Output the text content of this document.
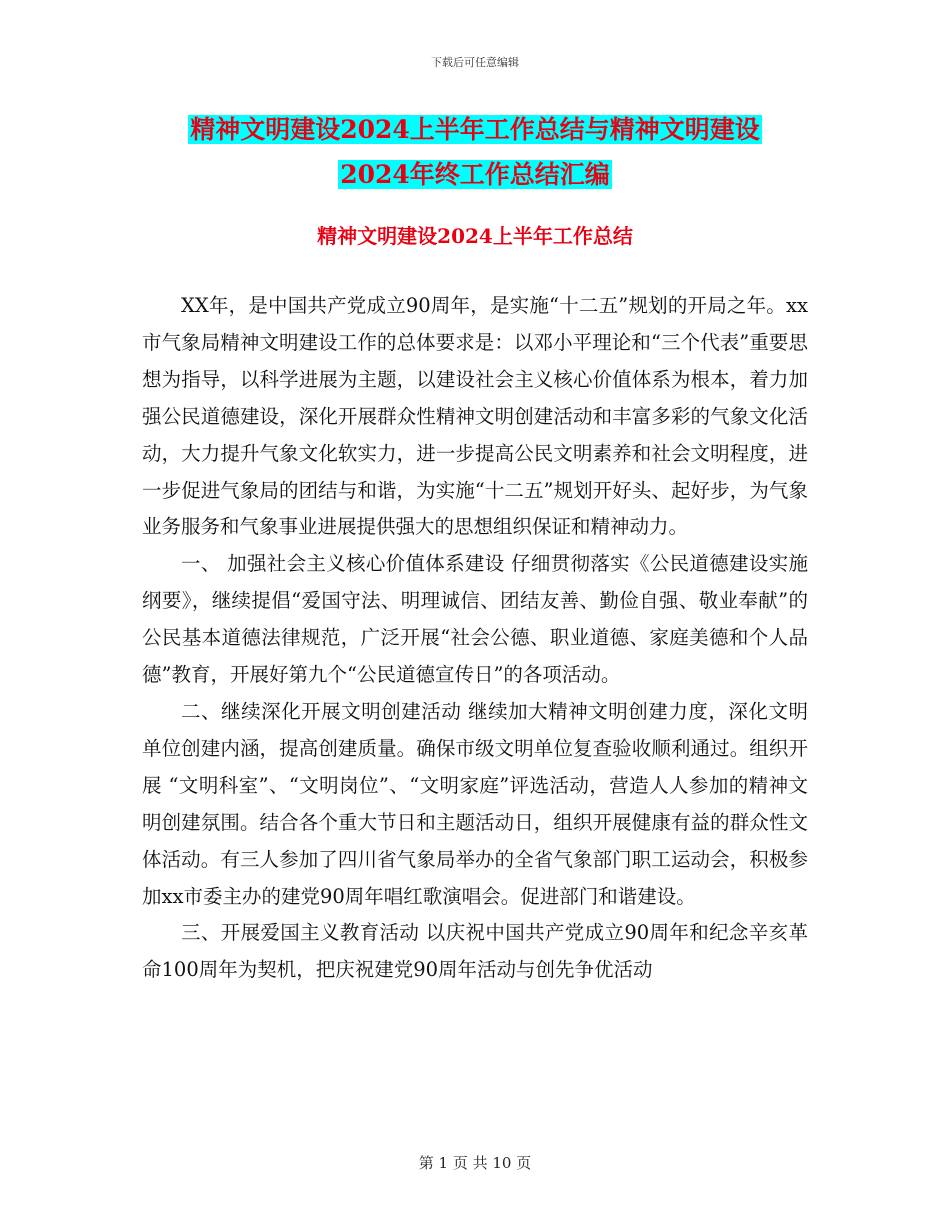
下载后可任意编辑
精神文明建设2024上半年工作总结与精神文明建设
2024年终工作总结汇编
精神文明建设2024上半年工作总结

XX年，是中国共产党成立90周年，是实施“十二五”规划的开局之年。xx市气象局精神文明建设工作的总体要求是：以邓小平理论和“三个代表”重要思想为指导，以科学进展为主题，以建设社会主义核心价值体系为根本，着力加强公民道德建设，深化开展群众性精神文明创建活动和丰富多彩的气象文化活动，大力提升气象文化软实力，进一步提高公民文明素养和社会文明程度，进一步促进气象局的团结与和谐，为实施“十二五”规划开好头、起好步，为气象业务服务和气象事业进展提供强大的思想组织保证和精神动力。

一、 加强社会主义核心价值体系建设 仔细贯彻落实《公民道德建设实施纲要》，继续提倡“爱国守法、明理诚信、团结友善、勤俭自强、敬业奉献”的公民基本道德法律规范，广泛开展“社会公德、职业道德、家庭美德和个人品德”教育，开展好第九个“公民道德宣传日”的各项活动。

二、继续深化开展文明创建活动 继续加大精神文明创建力度，深化文明单位创建内涵，提高创建质量。确保市级文明单位复查验收顺利通过。组织开展 “文明科室”、“文明岗位”、“文明家庭”评选活动，营造人人参加的精神文明创建氛围。结合各个重大节日和主题活动日，组织开展健康有益的群众性文体活动。有三人参加了四川省气象局举办的全省气象部门职工运动会，积极参加xx市委主办的建党90周年唱红歌演唱会。促进部门和谐建设。

三、开展爱国主义教育活动 以庆祝中国共产党成立90周年和纪念辛亥革命100周年为契机，把庆祝建党90周年活动与创先争优活动

第 1 页 共 10 页
